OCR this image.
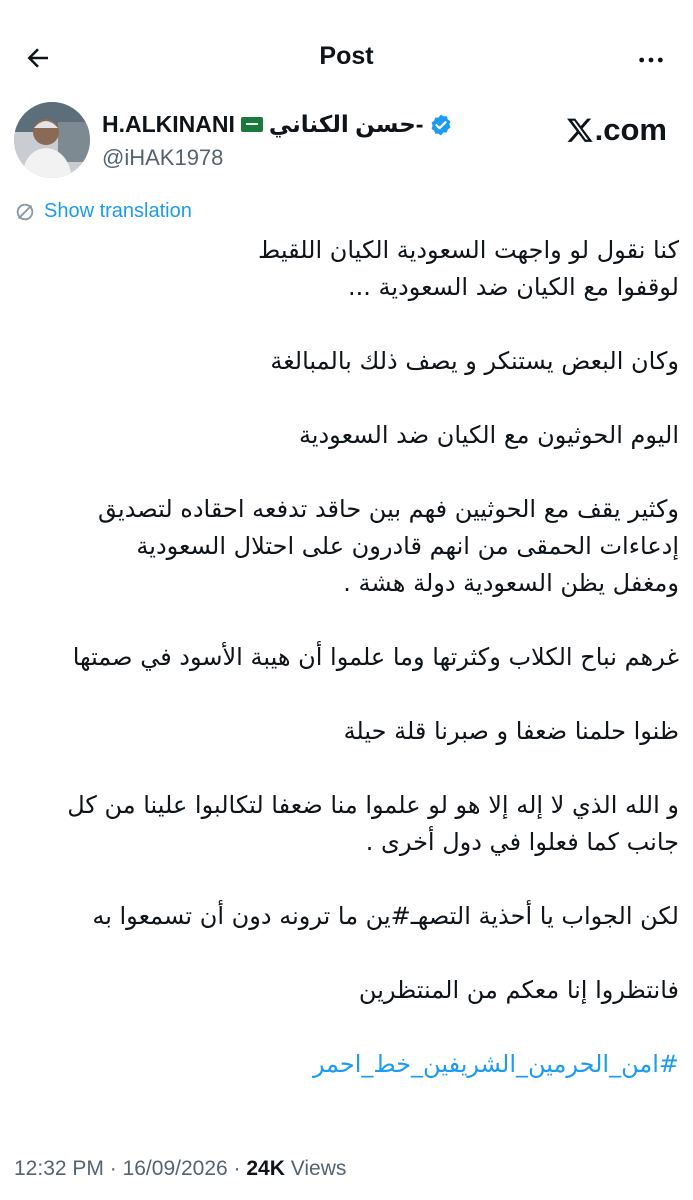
Post
H.ALKINANI حسن الكناني-
@iHAK1978
.com
Show translation
كنا نقول لو واجهت السعودية الكيان اللقيط
لوقفوا مع الكيان ضد السعودية ...
وكان البعض يستنكر و يصف ذلك بالمبالغة
اليوم الحوثيون مع الكيان ضد السعودية
وكثير يقف مع الحوثيين فهم بين حاقد تدفعه احقاده لتصديق
إدعاءات الحمقى من انهم قادرون على احتلال السعودية
ومغفل يظن السعودية دولة هشة .
غرهم نباح الكلاب وكثرتها وما علموا أن هيبة الأسود في صمتها
ظنوا حلمنا ضعفا و صبرنا قلة حيلة
و الله الذي لا إله إلا هو لو علموا منا ضعفا لتكالبوا علينا من كل
جانب كما فعلوا في دول أخرى .
لكن الجواب يا أحذية التصهـ#ين ما ترونه دون أن تسمعوا به
فانتظروا إنا معكم من المنتظرين
#امن_الحرمين_الشريفين_خط_احمر
12:32 PM · 16/09/2026 · 24K Views
